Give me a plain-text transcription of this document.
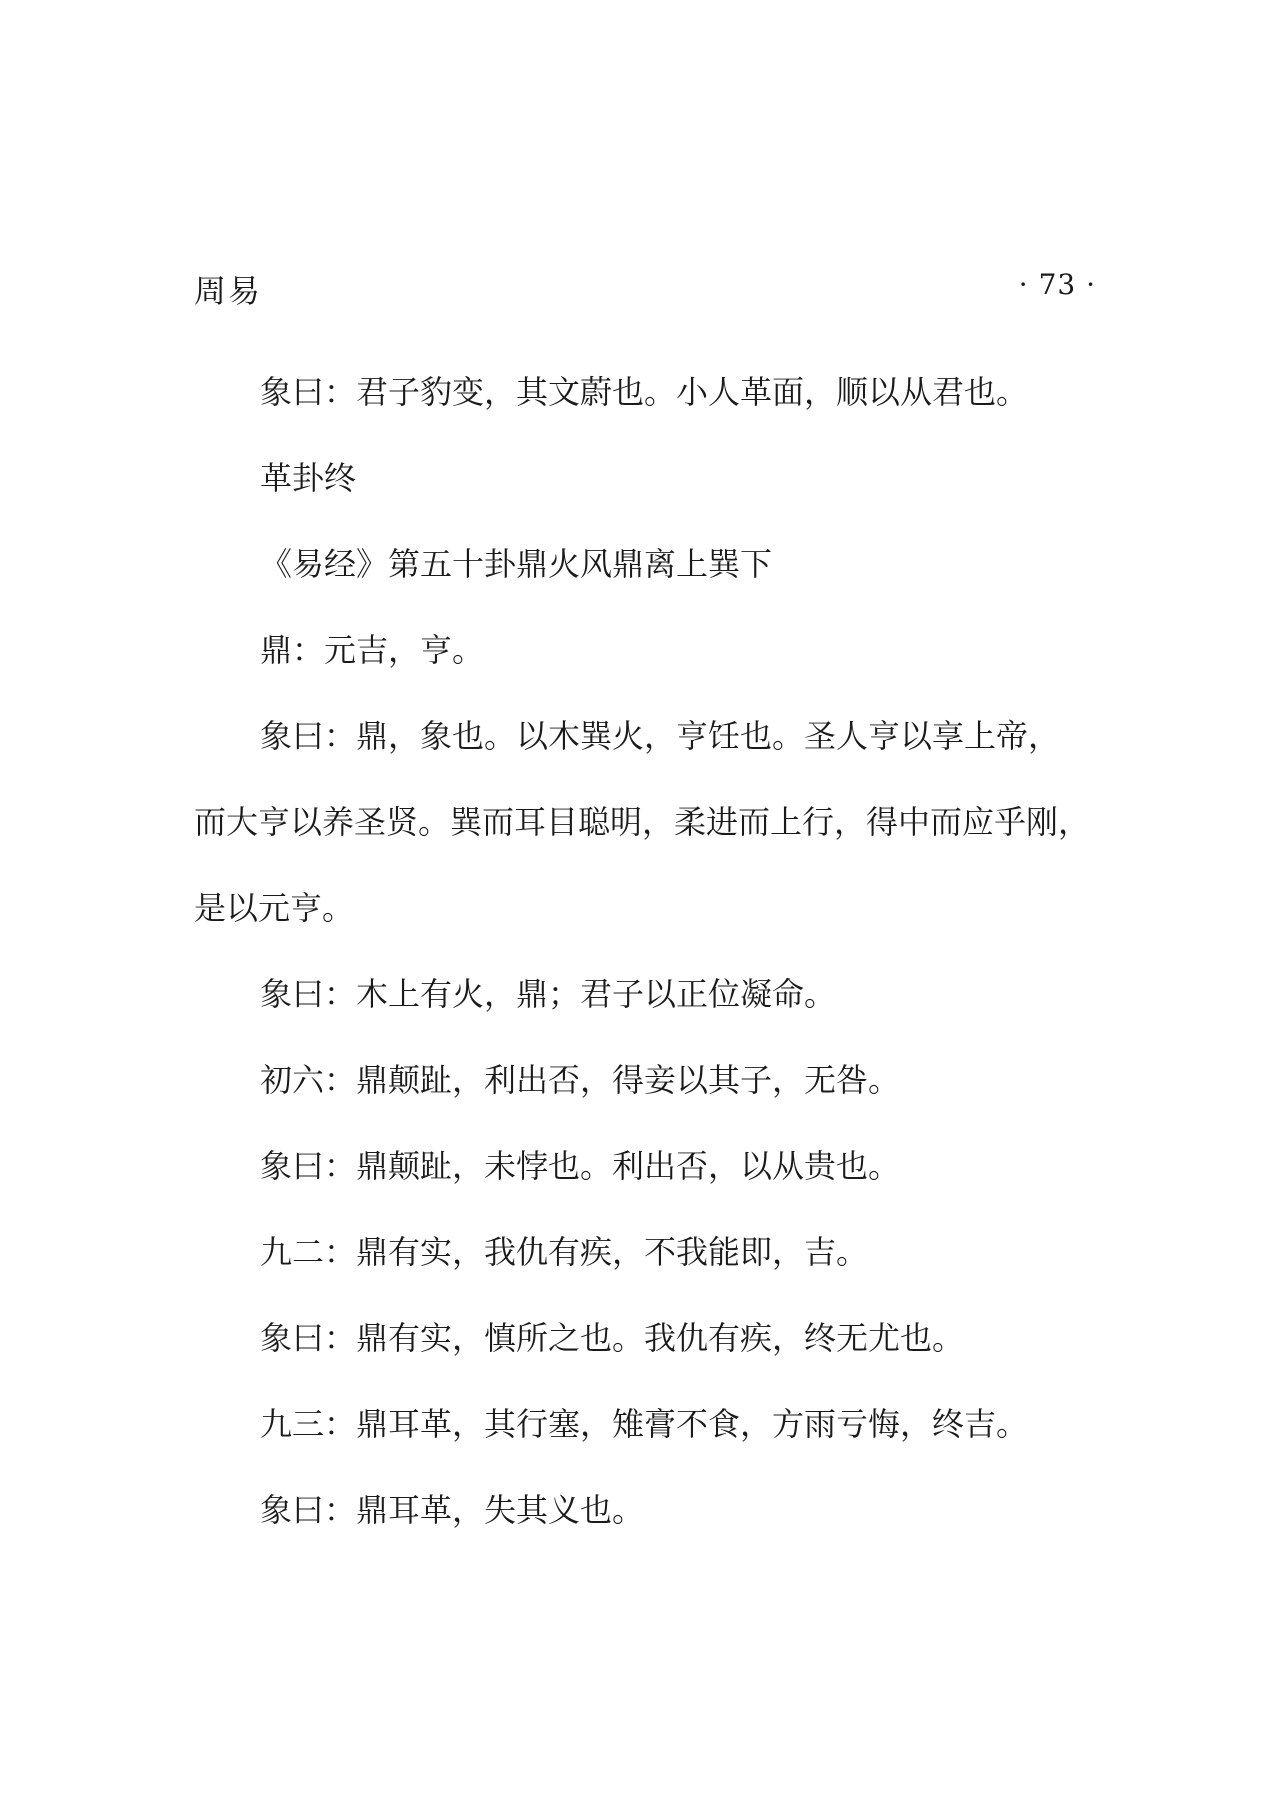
周易	· 73 ·

象曰：君子豹变，其文蔚也。小人革面，顺以从君也。

革卦终

《易经》第五十卦鼎火风鼎离上巽下

鼎：元吉，亨。

象曰：鼎，象也。以木巽火，亨饪也。圣人亨以享上帝，

而大亨以养圣贤。巽而耳目聪明，柔进而上行，得中而应乎刚，

是以元亨。

象曰：木上有火，鼎；君子以正位凝命。

初六：鼎颠趾，利出否，得妾以其子，无咎。

象曰：鼎颠趾，未悖也。利出否，以从贵也。

九二：鼎有实，我仇有疾，不我能即，吉。

象曰：鼎有实，慎所之也。我仇有疾，终无尤也。

九三：鼎耳革，其行塞，雉膏不食，方雨亏悔，终吉。

象曰：鼎耳革，失其义也。
